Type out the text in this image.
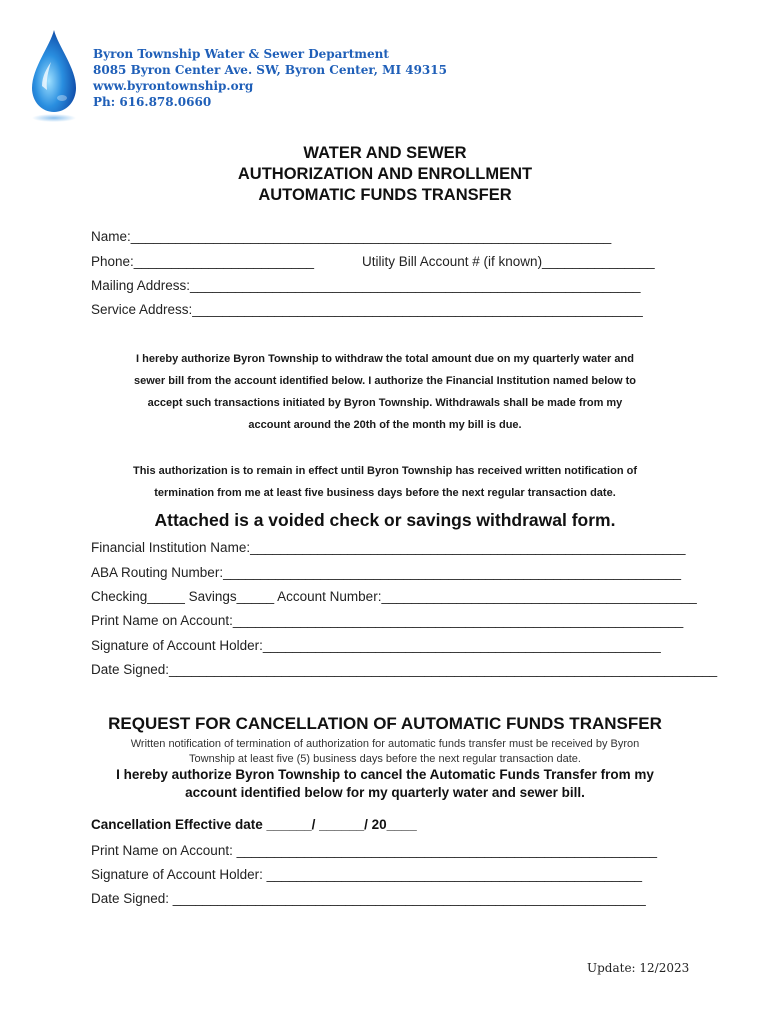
Byron Township Water & Sewer Department
8085 Byron Center Ave. SW, Byron Center, MI 49315
www.byrontownship.org
Ph: 616.878.0660
WATER AND SEWER
AUTHORIZATION AND ENROLLMENT
AUTOMATIC FUNDS TRANSFER
Name:________________________________________________________________
Phone:________________________	Utility Bill Account # (if known)_______________
Mailing Address:____________________________________________________________
Service Address:____________________________________________________________
I hereby authorize Byron Township to withdraw the total amount due on my quarterly water and
sewer bill from the account identified below. I authorize the Financial Institution named below to
accept such transactions initiated by Byron Township. Withdrawals shall be made from my
account around the 20th of the month my bill is due.
This authorization is to remain in effect until Byron Township has received written notification of
termination from me at least five business days before the next regular transaction date.
Attached is a voided check or savings withdrawal form.
Financial Institution Name:__________________________________________________________
ABA Routing Number:_____________________________________________________________
Checking_____ Savings_____ Account Number:__________________________________________
Print Name on Account:____________________________________________________________
Signature of Account Holder:_____________________________________________________
Date Signed:_________________________________________________________________________
REQUEST FOR CANCELLATION OF AUTOMATIC FUNDS TRANSFER
Written notification of termination of authorization for automatic funds transfer must be received by Byron
Township at least five (5) business days before the next regular transaction date.
I hereby authorize Byron Township to cancel the Automatic Funds Transfer from my
account identified below for my quarterly water and sewer bill.
Cancellation Effective date ______/ ______/ 20____
Print Name on Account: ________________________________________________________
Signature of Account Holder: __________________________________________________
Date Signed: _______________________________________________________________
Update: 12/2023
